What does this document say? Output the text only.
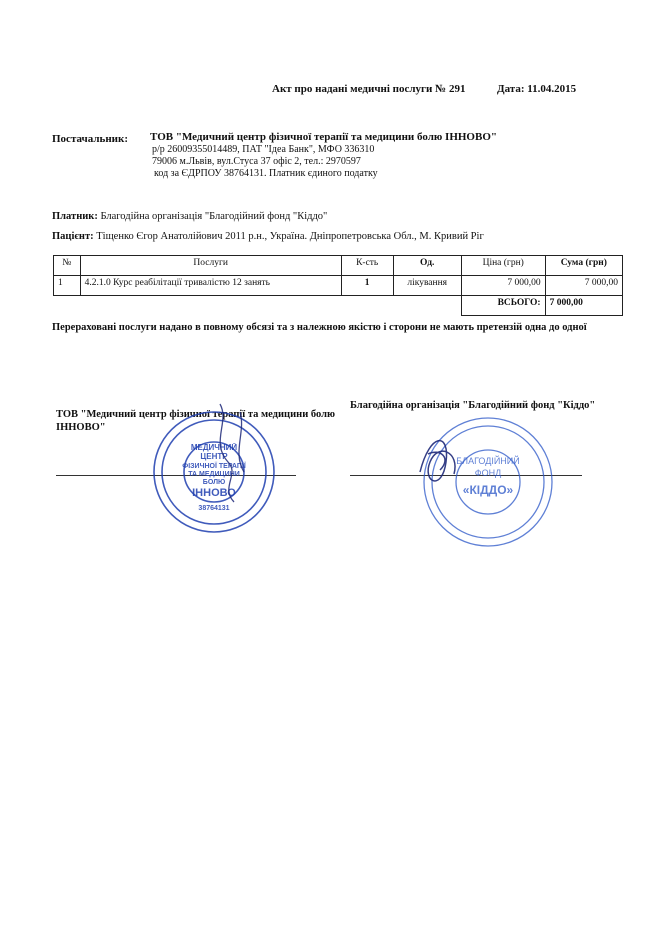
Акт про надані медичні послуги № 291	Дата: 11.04.2015
Постачальник: ТОВ "Медичний центр фізичної терапії та медицини болю ІННОВО"
р/р 26009355014489, ПАТ "Ідеа Банк", МФО 336310
79006 м.Львів, вул.Стуса 37 офіс 2, тел.: 2970597
код за ЄДРПОУ 38764131. Платник єдиного податку
Платник: Благодійна організація "Благодійний фонд "Кіддо"
Пацієнт: Тіщенко Єгор Анатолійович 2011 р.н., Україна. Дніпропетровська Обл., М. Кривий Ріг
№	Послуги	К-сть	Од.	Ціна (грн)	Сума (грн)
1	4.2.1.0 Курс реабілітації тривалістю 12 занять	1	лікування	7 000,00	7 000,00
				ВСЬОГО:	7 000,00
Перераховані послуги надано в повному обсязі та з належною якістю і сторони не мають претензій одна до одної
ТОВ "Медичний центр фізичної терапії та медицини болю ІННОВО"
Благодійна організація "Благодійний фонд "Кіддо"
МЕДИЧНИЙ
ЦЕНТР
ФІЗИЧНОЇ ТЕРАПІЇ
ТА МЕДИЦИНИ
БОЛЮ
ІННОВО
38764131
БЛАГОДІЙНИЙ
ФОНД
«КІДДО»
